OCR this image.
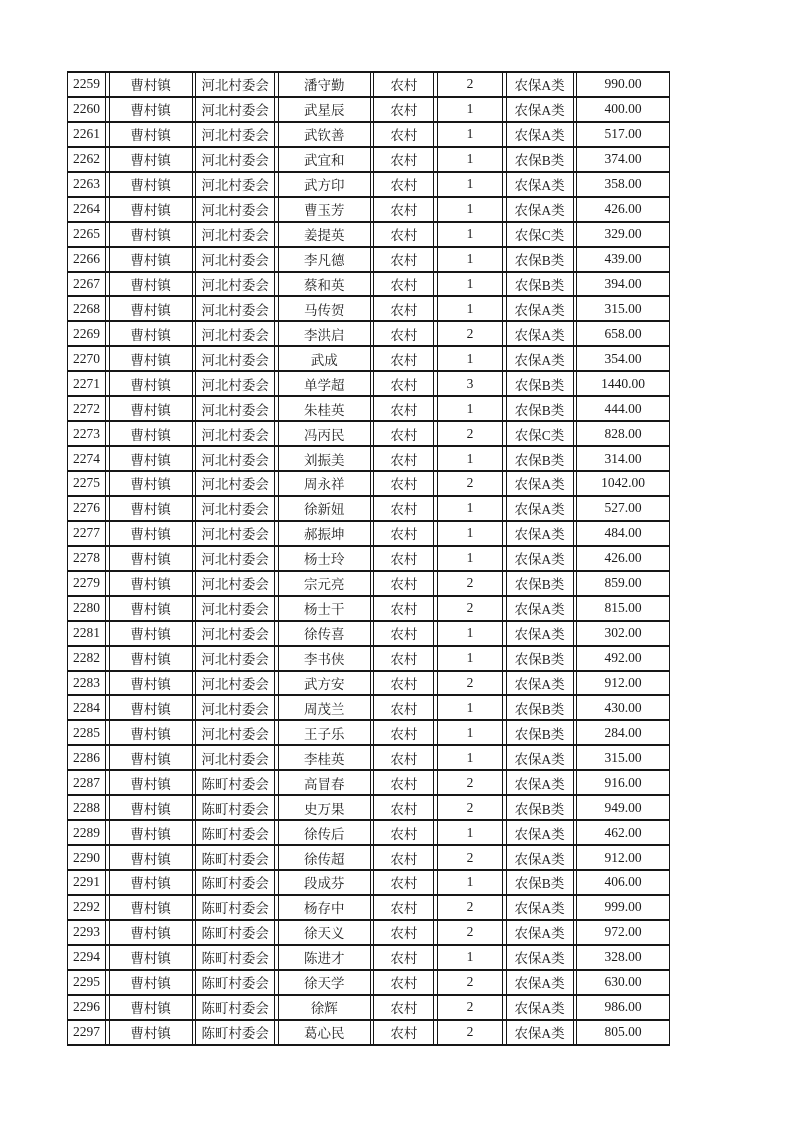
2259	曹村镇	河北村委会	潘守勤	农村	2	农保A类	990.00
2260	曹村镇	河北村委会	武星辰	农村	1	农保A类	400.00
2261	曹村镇	河北村委会	武钦善	农村	1	农保A类	517.00
2262	曹村镇	河北村委会	武宜和	农村	1	农保B类	374.00
2263	曹村镇	河北村委会	武方印	农村	1	农保A类	358.00
2264	曹村镇	河北村委会	曹玉芳	农村	1	农保A类	426.00
2265	曹村镇	河北村委会	姜提英	农村	1	农保C类	329.00
2266	曹村镇	河北村委会	李凡德	农村	1	农保B类	439.00
2267	曹村镇	河北村委会	蔡和英	农村	1	农保B类	394.00
2268	曹村镇	河北村委会	马传贺	农村	1	农保A类	315.00
2269	曹村镇	河北村委会	李洪启	农村	2	农保A类	658.00
2270	曹村镇	河北村委会	武成	农村	1	农保A类	354.00
2271	曹村镇	河北村委会	单学超	农村	3	农保B类	1440.00
2272	曹村镇	河北村委会	朱桂英	农村	1	农保B类	444.00
2273	曹村镇	河北村委会	冯丙民	农村	2	农保C类	828.00
2274	曹村镇	河北村委会	刘振美	农村	1	农保B类	314.00
2275	曹村镇	河北村委会	周永祥	农村	2	农保A类	1042.00
2276	曹村镇	河北村委会	徐新妞	农村	1	农保A类	527.00
2277	曹村镇	河北村委会	郝振坤	农村	1	农保A类	484.00
2278	曹村镇	河北村委会	杨士玲	农村	1	农保A类	426.00
2279	曹村镇	河北村委会	宗元亮	农村	2	农保B类	859.00
2280	曹村镇	河北村委会	杨士干	农村	2	农保A类	815.00
2281	曹村镇	河北村委会	徐传喜	农村	1	农保A类	302.00
2282	曹村镇	河北村委会	李书侠	农村	1	农保B类	492.00
2283	曹村镇	河北村委会	武方安	农村	2	农保A类	912.00
2284	曹村镇	河北村委会	周茂兰	农村	1	农保B类	430.00
2285	曹村镇	河北村委会	王子乐	农村	1	农保B类	284.00
2286	曹村镇	河北村委会	李桂英	农村	1	农保A类	315.00
2287	曹村镇	陈町村委会	高冒春	农村	2	农保A类	916.00
2288	曹村镇	陈町村委会	史万果	农村	2	农保B类	949.00
2289	曹村镇	陈町村委会	徐传后	农村	1	农保A类	462.00
2290	曹村镇	陈町村委会	徐传超	农村	2	农保A类	912.00
2291	曹村镇	陈町村委会	段成芬	农村	1	农保B类	406.00
2292	曹村镇	陈町村委会	杨存中	农村	2	农保A类	999.00
2293	曹村镇	陈町村委会	徐天义	农村	2	农保A类	972.00
2294	曹村镇	陈町村委会	陈进才	农村	1	农保A类	328.00
2295	曹村镇	陈町村委会	徐天学	农村	2	农保A类	630.00
2296	曹村镇	陈町村委会	徐辉	农村	2	农保A类	986.00
2297	曹村镇	陈町村委会	葛心民	农村	2	农保A类	805.00
